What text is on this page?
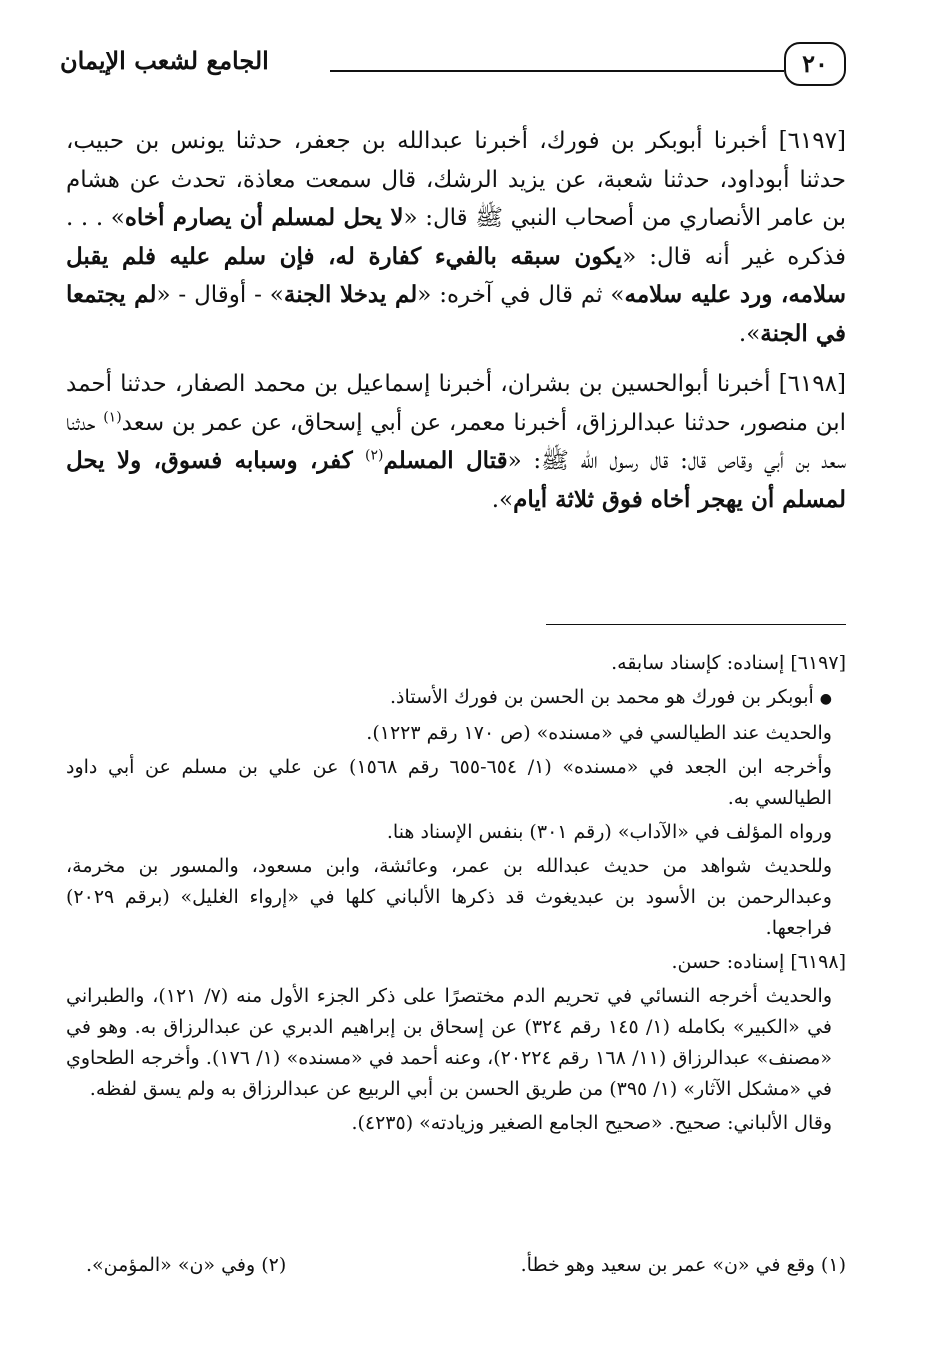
٢٠
الجامع لشعب الإيمان

[٦١٩٧] أخبرنا أبوبكر بن فورك، أخبرنا عبدالله بن جعفر، حدثنا يونس بن حبيب، حدثنا أبوداود، حدثنا شعبة، عن يزيد الرشك، قال سمعت معاذة، تحدث عن هشام بن عامر الأنصاري من أصحاب النبي ﷺ قال: «لا يحل لمسلم أن يصارم أخاه» . . . فذكره غير أنه قال: «يكون سبقه بالفيء كفارة له، فإن سلم عليه فلم يقبل سلامه، ورد عليه سلامه» ثم قال في آخره: «لم يدخلا الجنة» - أوقال - «لم يجتمعا في الجنة».

[٦١٩٨] أخبرنا أبوالحسين بن بشران، أخبرنا إسماعيل بن محمد الصفار، حدثنا أحمد ابن منصور، حدثنا عبدالرزاق، أخبرنا معمر، عن أبي إسحاق، عن عمر بن سعد$^{(١)}$ حدثنا سعد بن أبي وقاص قال: قال رسول الله ﷺ: «قتال المسلم$^{(٢)}$ كفر، وسبابه فسوق، ولا يحل لمسلم أن يهجر أخاه فوق ثلاثة أيام».

[٦١٩٧] إسناده: كإسناد سابقه.

●أبوبكر بن فورك هو محمد بن الحسن بن فورك الأستاذ.

والحديث عند الطيالسي في «مسنده» (ص ١٧٠ رقم ١٢٢٣).

وأخرجه ابن الجعد في «مسنده» (١/ ٦٥٤-٦٥٥ رقم ١٥٦٨) عن علي بن مسلم عن أبي داود الطيالسي به.

ورواه المؤلف في «الآداب» (رقم ٣٠١) بنفس الإسناد هنا.

وللحديث شواهد من حديث عبدالله بن عمر، وعائشة، وابن مسعود، والمسور بن مخرمة، وعبدالرحمن بن الأسود بن عبديغوث قد ذكرها الألباني كلها في «إرواء الغليل» (برقم ٢٠٢٩) فراجعها.

[٦١٩٨] إسناده: حسن.

والحديث أخرجه النسائي في تحريم الدم مختصرًا على ذكر الجزء الأول منه (٧/ ١٢١)، والطبراني في «الكبير» بكامله (١/ ١٤٥ رقم ٣٢٤) عن إسحاق بن إبراهيم الدبري عن عبدالرزاق به. وهو في «مصنف» عبدالرزاق (١١/ ١٦٨ رقم ٢٠٢٢٤)، وعنه أحمد في «مسنده» (١/ ١٧٦). وأخرجه الطحاوي في «مشكل الآثار» (١/ ٣٩٥) من طريق الحسن بن أبي الربيع عن عبدالرزاق به ولم يسق لفظه.

وقال الألباني: صحيح. «صحيح الجامع الصغير وزيادته» (٤٢٣٥).

(١) وقع في «ن» عمر بن سعيد وهو خطأ.
(٢) وفي «ن» «المؤمن».
